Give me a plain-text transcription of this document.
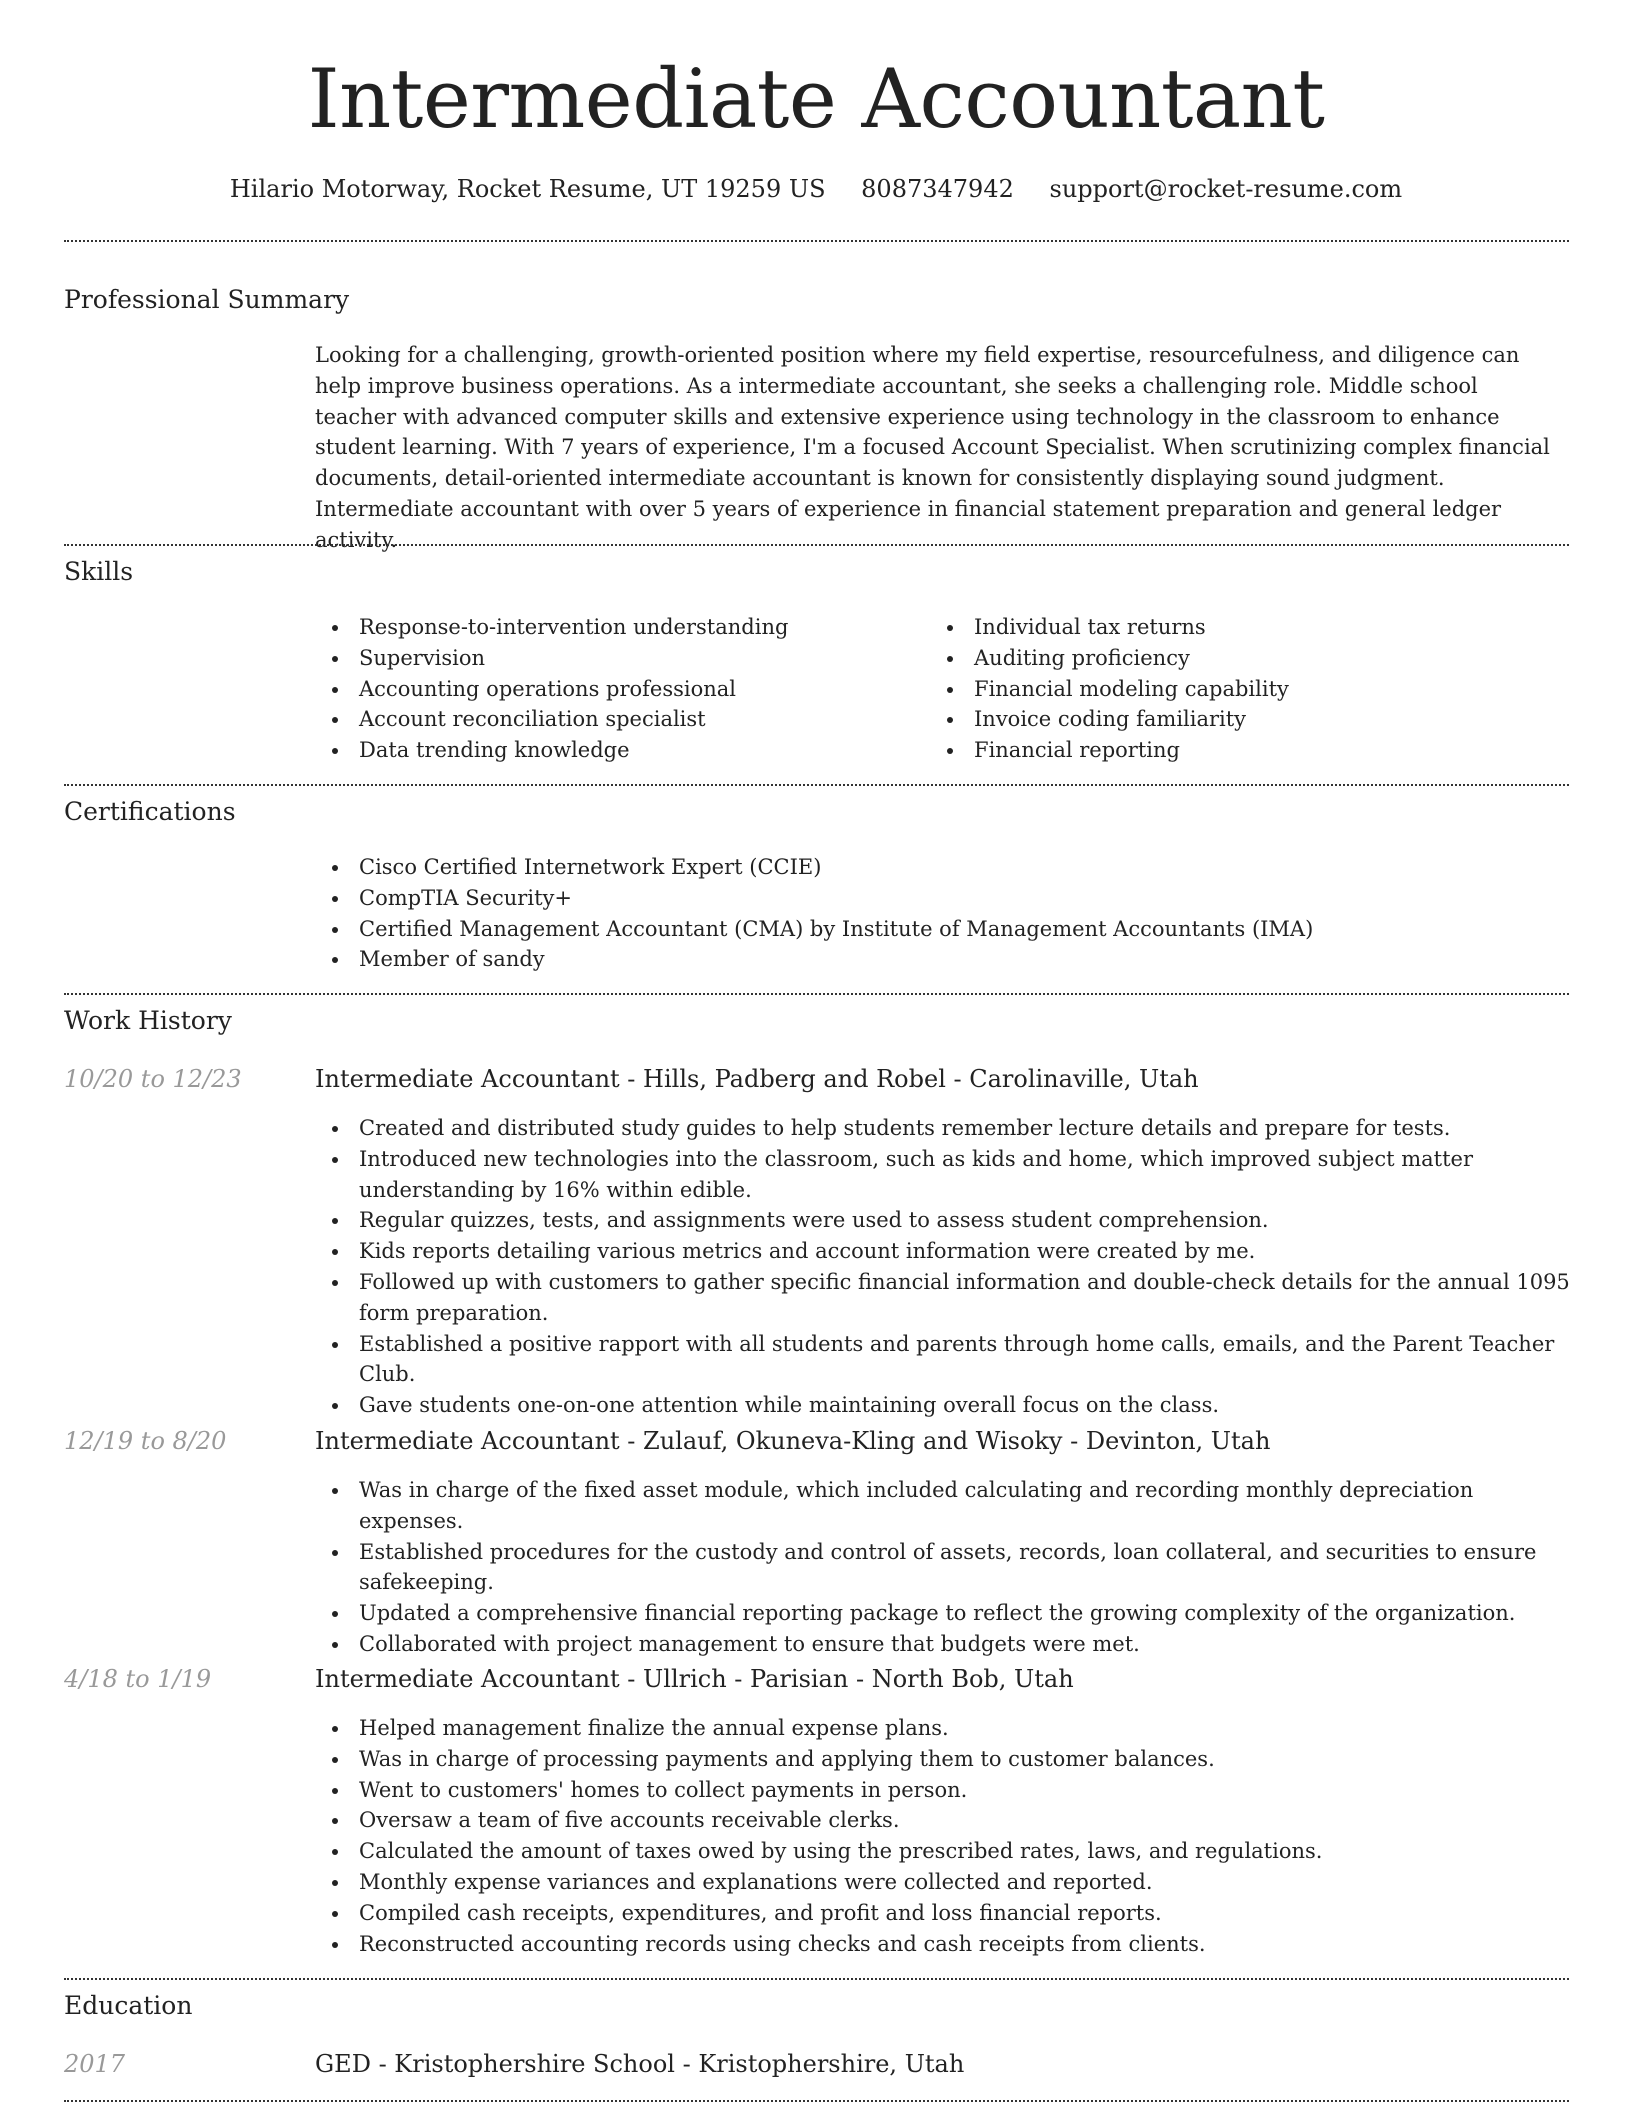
Intermediate Accountant
Hilario Motorway, Rocket Resume, UT 19259 US 8087347942 support@rocket-resume.com
Professional Summary

Looking for a challenging, growth-oriented position where my field expertise, resourcefulness, and diligence can help improve business operations. As a intermediate accountant, she seeks a challenging role. Middle school teacher with advanced computer skills and extensive experience using technology in the classroom to enhance student learning. With 7 years of experience, I'm a focused Account Specialist. When scrutinizing complex financial documents, detail-oriented intermediate accountant is known for consistently displaying sound judgment. Intermediate accountant with over 5 years of experience in financial statement preparation and general ledger activity.

Skills
Response-to-intervention understanding
Supervision
Accounting operations professional
Account reconciliation specialist
Data trending knowledge
Individual tax returns
Auditing proficiency
Financial modeling capability
Invoice coding familiarity
Financial reporting
Certifications
Cisco Certified Internetwork Expert (CCIE)
CompTIA Security+
Certified Management Accountant (CMA) by Institute of Management Accountants (IMA)
Member of sandy
Work History
10/20 to 12/23	Intermediate Accountant - Hills, Padberg and Robel - Carolinaville, Utah
Created and distributed study guides to help students remember lecture details and prepare for tests.
Introduced new technologies into the classroom, such as kids and home, which improved subject matter understanding by 16% within edible.
Regular quizzes, tests, and assignments were used to assess student comprehension.
Kids reports detailing various metrics and account information were created by me.
Followed up with customers to gather specific financial information and double-check details for the annual 1095 form preparation.
Established a positive rapport with all students and parents through home calls, emails, and the Parent Teacher Club.
Gave students one-on-one attention while maintaining overall focus on the class.
12/19 to 8/20	Intermediate Accountant - Zulauf, Okuneva-Kling and Wisoky - Devinton, Utah
Was in charge of the fixed asset module, which included calculating and recording monthly depreciation expenses.
Established procedures for the custody and control of assets, records, loan collateral, and securities to ensure safekeeping.
Updated a comprehensive financial reporting package to reflect the growing complexity of the organization.
Collaborated with project management to ensure that budgets were met.
4/18 to 1/19	Intermediate Accountant - Ullrich - Parisian - North Bob, Utah
Helped management finalize the annual expense plans.
Was in charge of processing payments and applying them to customer balances.
Went to customers' homes to collect payments in person.
Oversaw a team of five accounts receivable clerks.
Calculated the amount of taxes owed by using the prescribed rates, laws, and regulations.
Monthly expense variances and explanations were collected and reported.
Compiled cash receipts, expenditures, and profit and loss financial reports.
Reconstructed accounting records using checks and cash receipts from clients.
Education
2017	GED - Kristophershire School - Kristophershire, Utah
